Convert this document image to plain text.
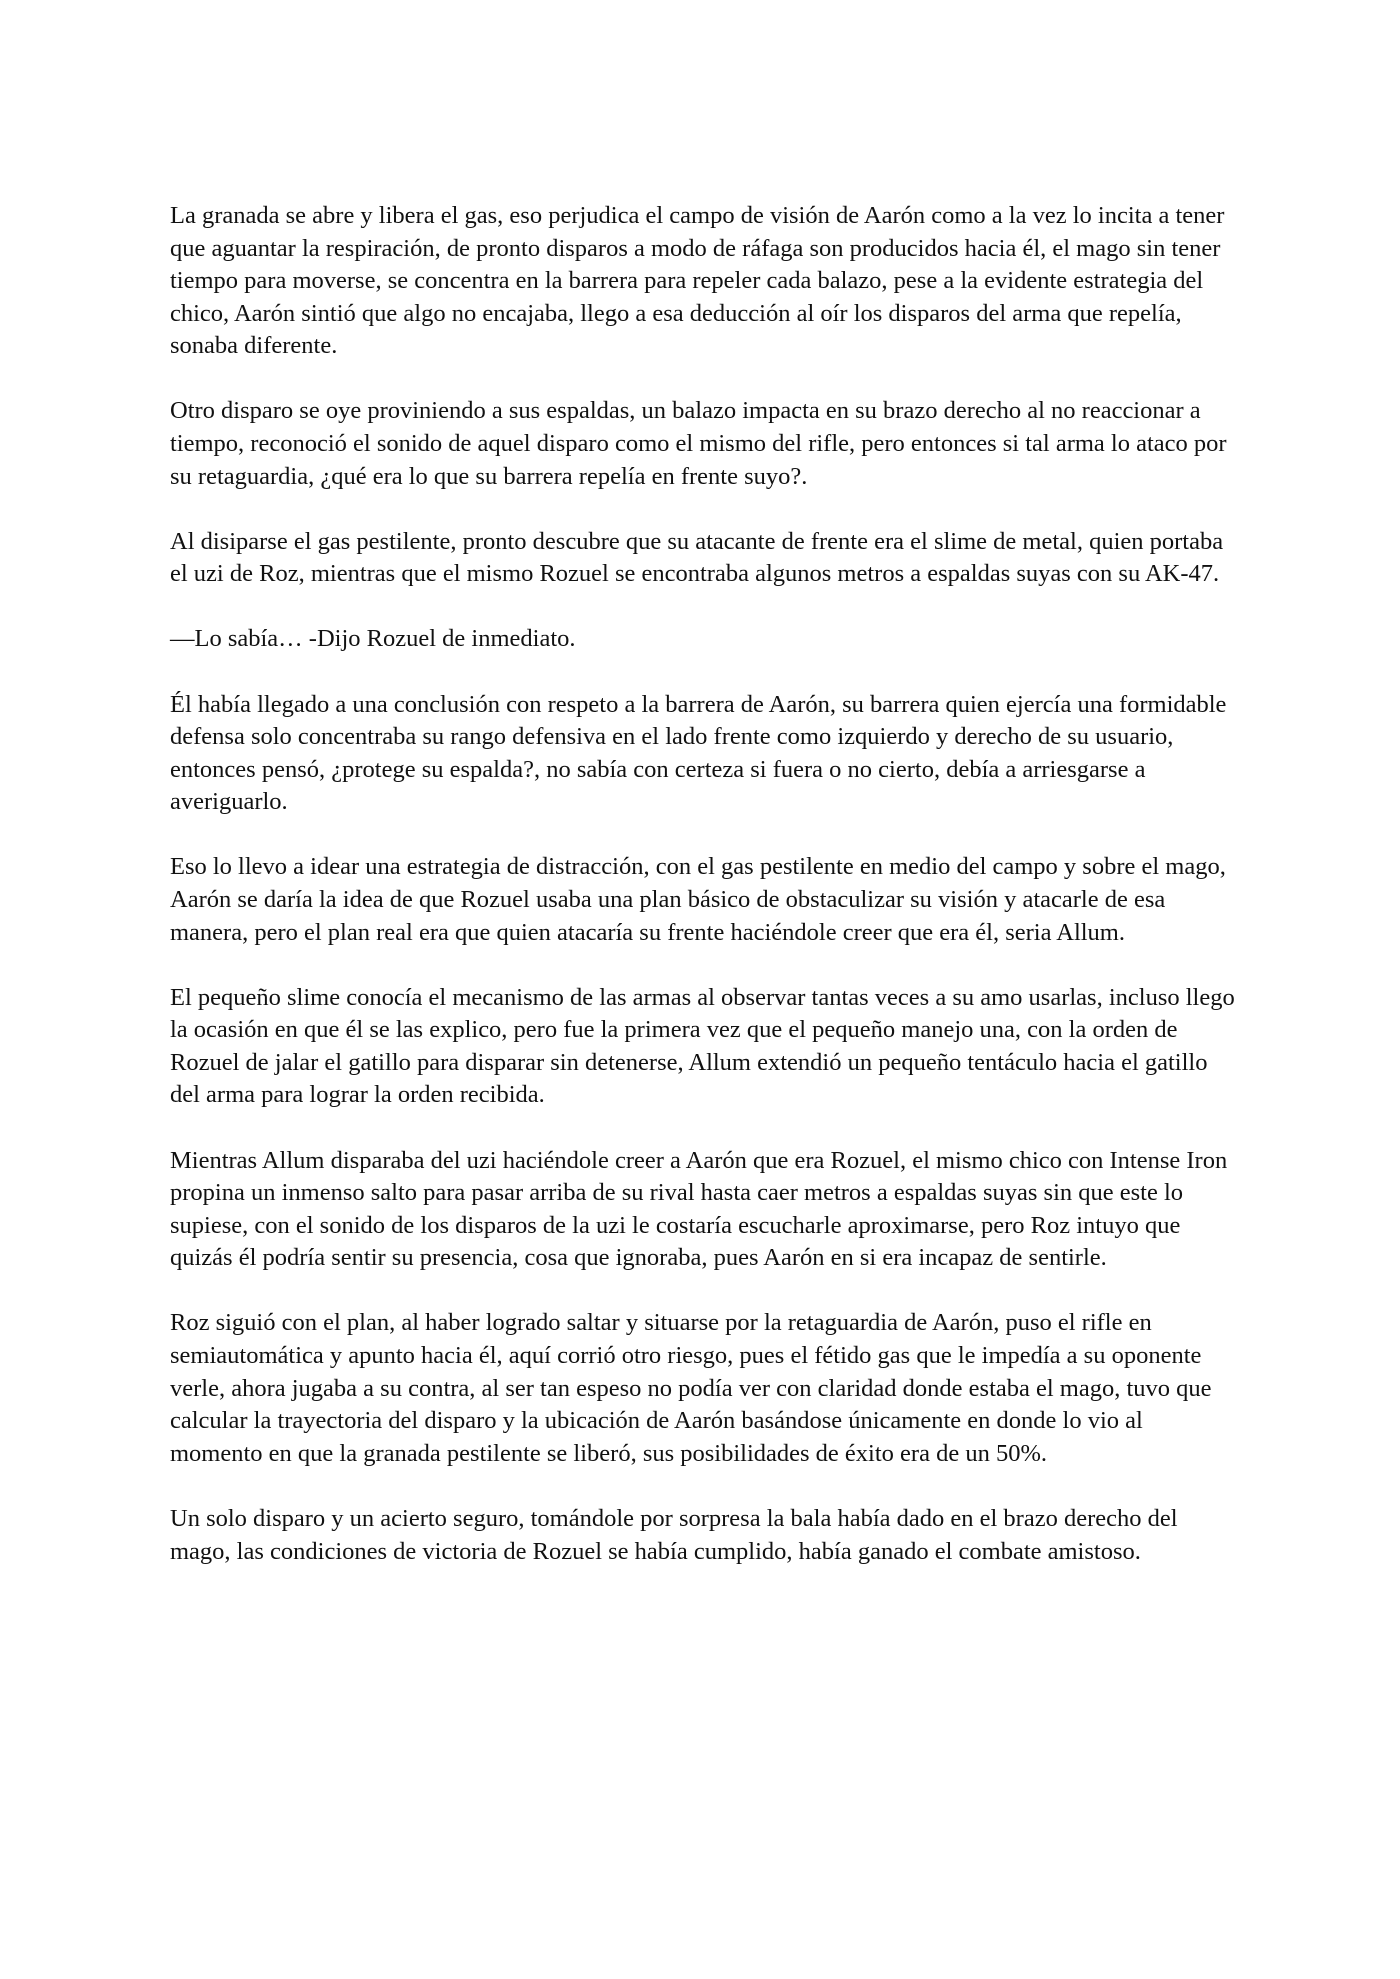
La granada se abre y libera el gas, eso perjudica el campo de visión de Aarón como a la vez lo incita a tener que aguantar la respiración, de pronto disparos a modo de ráfaga son producidos hacia él, el mago sin tener tiempo para moverse, se concentra en la barrera para repeler cada balazo, pese a la evidente estrategia del chico, Aarón sintió que algo no encajaba, llego a esa deducción al oír los disparos del arma que repelía, sonaba diferente.

Otro disparo se oye proviniendo a sus espaldas, un balazo impacta en su brazo derecho al no reaccionar a tiempo, reconoció el sonido de aquel disparo como el mismo del rifle, pero entonces si tal arma lo ataco por su retaguardia, ¿qué era lo que su barrera repelía en frente suyo?.

Al disiparse el gas pestilente, pronto descubre que su atacante de frente era el slime de metal, quien portaba el uzi de Roz, mientras que el mismo Rozuel se encontraba algunos metros a espaldas suyas con su AK-47.

—Lo sabía… -Dijo Rozuel de inmediato.

Él había llegado a una conclusión con respeto a la barrera de Aarón, su barrera quien ejercía una formidable defensa solo concentraba su rango defensiva en el lado frente como izquierdo y derecho de su usuario, entonces pensó, ¿protege su espalda?, no sabía con certeza si fuera o no cierto, debía a arriesgarse a averiguarlo.

Eso lo llevo a idear una estrategia de distracción, con el gas pestilente en medio del campo y sobre el mago, Aarón se daría la idea de que Rozuel usaba una plan básico de obstaculizar su visión y atacarle de esa manera, pero el plan real era que quien atacaría su frente haciéndole creer que era él, seria Allum.

El pequeño slime conocía el mecanismo de las armas al observar tantas veces a su amo usarlas, incluso llego la ocasión en que él se las explico, pero fue la primera vez que el pequeño manejo una, con la orden de Rozuel de jalar el gatillo para disparar sin detenerse, Allum extendió un pequeño tentáculo hacia el gatillo del arma para lograr la orden recibida.

Mientras Allum disparaba del uzi haciéndole creer a Aarón que era Rozuel, el mismo chico con Intense Iron propina un inmenso salto para pasar arriba de su rival hasta caer metros a espaldas suyas sin que este lo supiese, con el sonido de los disparos de la uzi le costaría escucharle aproximarse, pero Roz intuyo que quizás él podría sentir su presencia, cosa que ignoraba, pues Aarón en si era incapaz de sentirle.

Roz siguió con el plan, al haber logrado saltar y situarse por la retaguardia de Aarón, puso el rifle en semiautomática y apunto hacia él, aquí corrió otro riesgo, pues el fétido gas que le impedía a su oponente verle, ahora jugaba a su contra, al ser tan espeso no podía ver con claridad donde estaba el mago, tuvo que calcular la trayectoria del disparo y la ubicación de Aarón basándose únicamente en donde lo vio al momento en que la granada pestilente se liberó, sus posibilidades de éxito era de un 50%.

Un solo disparo y un acierto seguro, tomándole por sorpresa la bala había dado en el brazo derecho del mago, las condiciones de victoria de Rozuel se había cumplido, había ganado el combate amistoso.
